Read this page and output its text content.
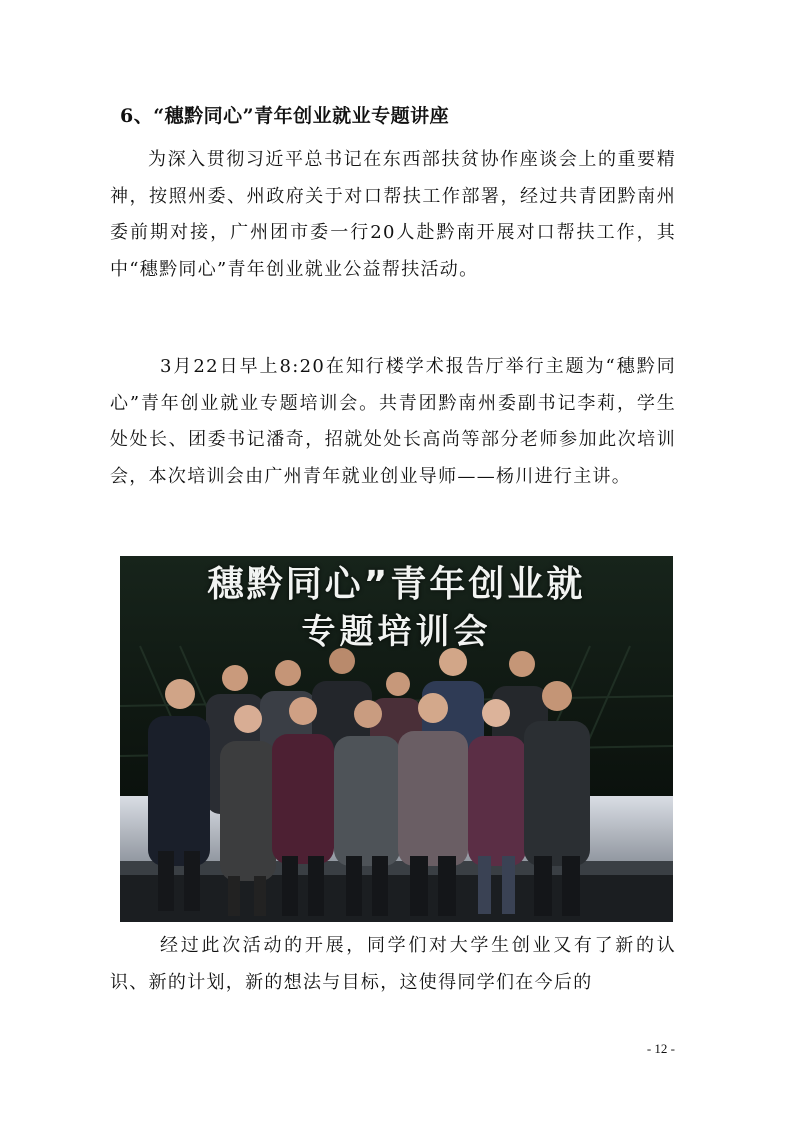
6、“穗黔同心”青年创业就业专题讲座

为深入贯彻习近平总书记在东西部扶贫协作座谈会上的重要精神，按照州委、州政府关于对口帮扶工作部署，经过共青团黔南州委前期对接，广州团市委一行20人赴黔南开展对口帮扶工作，其中“穗黔同心”青年创业就业公益帮扶活动。

3月22日早上8:20在知行楼学术报告厅举行主题为“穗黔同心”青年创业就业专题培训会。共青团黔南州委副书记李莉，学生处处长、团委书记潘奇，招就处处长高尚等部分老师参加此次培训会，本次培训会由广州青年就业创业导师——杨川进行主讲。

穗黔同心”青年创业就
专题培训会

经过此次活动的开展，同学们对大学生创业又有了新的认识、新的计划，新的想法与目标，这使得同学们在今后的

- 12 -
